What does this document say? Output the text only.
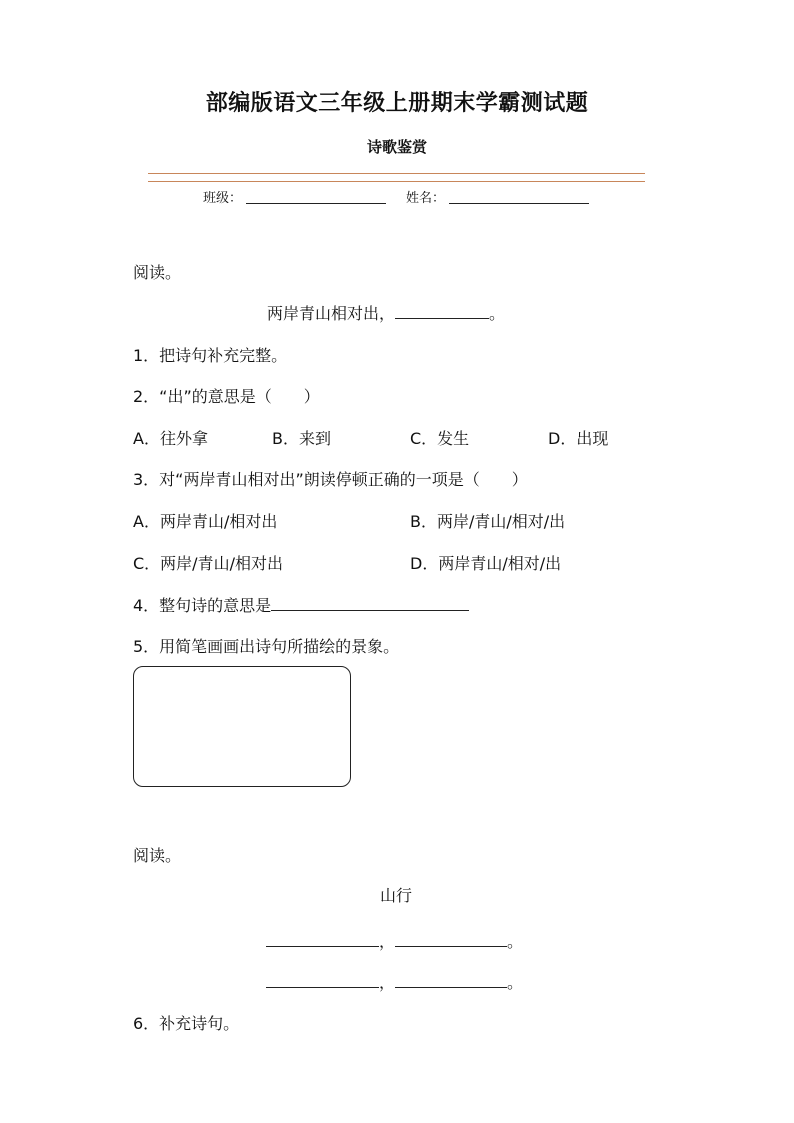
部编版语文三年级上册期末学霸测试题
诗歌鉴赏
班级：	姓名：
阅读。
两岸青山相对出，	。
1．把诗句补充完整。
2．“出”的意思是（　　）
A．往外拿	B．来到	C．发生	D．出现
3．对“两岸青山相对出”朗读停顿正确的一项是（　　）
A．两岸青山/相对出	B．两岸/青山/相对/出
C．两岸/青山/相对出	D．两岸青山/相对/出
4．整句诗的意思是
5．用简笔画画出诗句所描绘的景象。
阅读。
山行
，	。
，	。
6．补充诗句。
